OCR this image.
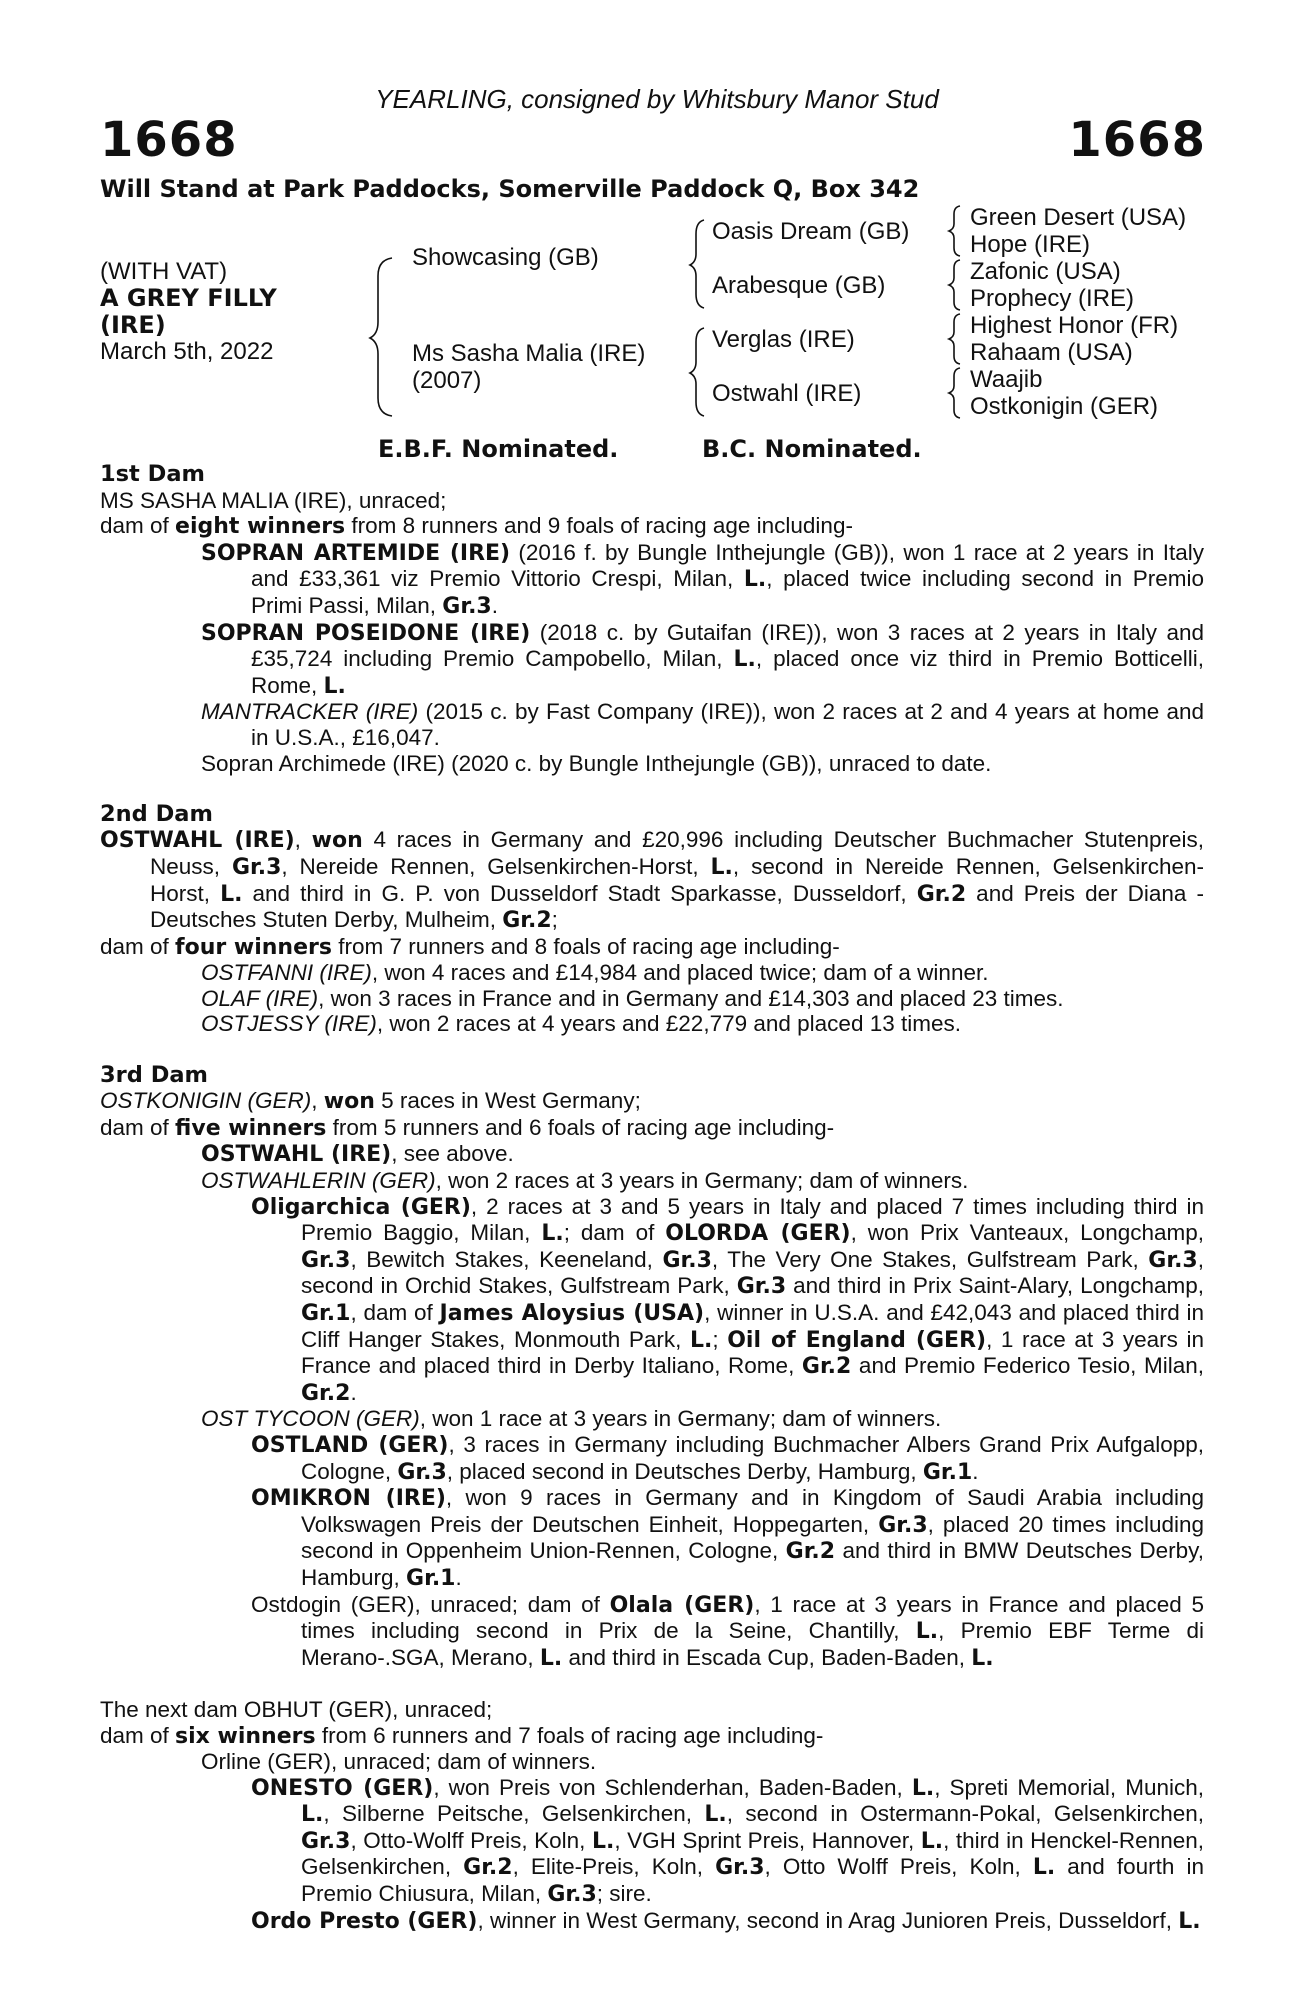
YEARLING, consigned by Whitsbury Manor Stud
1668	1668
Will Stand at Park Paddocks, Somerville Paddock Q, Box 342
(WITH VAT)
A GREY FILLY
(IRE)
March 5th, 2022
Showcasing (GB)
Ms Sasha Malia (IRE)
(2007)
Oasis Dream (GB)
Arabesque (GB)
Verglas (IRE)
Ostwahl (IRE)
Green Desert (USA)
Hope (IRE)
Zafonic (USA)
Prophecy (IRE)
Highest Honor (FR)
Rahaam (USA)
Waajib
Ostkonigin (GER)
E.B.F. Nominated.	B.C. Nominated.

1st Dam

MS SASHA MALIA (IRE), unraced;

dam of eight winners from 8 runners and 9 foals of racing age including-

SOPRAN ARTEMIDE (IRE) (2016 f. by Bungle Inthejungle (GB)), won 1 race at 2 years in Italy and £33,361 viz Premio Vittorio Crespi, Milan, L., placed twice including second in Premio Primi Passi, Milan, Gr.3.

SOPRAN POSEIDONE (IRE) (2018 c. by Gutaifan (IRE)), won 3 races at 2 years in Italy and £35,724 including Premio Campobello, Milan, L., placed once viz third in Premio Botticelli, Rome, L.

MANTRACKER (IRE) (2015 c. by Fast Company (IRE)), won 2 races at 2 and 4 years at home and in U.S.A., £16,047.

Sopran Archimede (IRE) (2020 c. by Bungle Inthejungle (GB)), unraced to date.

2nd Dam

OSTWAHL (IRE), won 4 races in Germany and £20,996 including Deutscher Buchmacher Stutenpreis, Neuss, Gr.3, Nereide Rennen, Gelsenkirchen-Horst, L., second in Nereide Rennen, Gelsenkirchen-Horst, L. and third in G. P. von Dusseldorf Stadt Sparkasse, Dusseldorf, Gr.2 and Preis der Diana - Deutsches Stuten Derby, Mulheim, Gr.2;

dam of four winners from 7 runners and 8 foals of racing age including-

OSTFANNI (IRE), won 4 races and £14,984 and placed twice; dam of a winner.

OLAF (IRE), won 3 races in France and in Germany and £14,303 and placed 23 times.

OSTJESSY (IRE), won 2 races at 4 years and £22,779 and placed 13 times.

3rd Dam

OSTKONIGIN (GER), won 5 races in West Germany;

dam of five winners from 5 runners and 6 foals of racing age including-

OSTWAHL (IRE), see above.

OSTWAHLERIN (GER), won 2 races at 3 years in Germany; dam of winners.

Oligarchica (GER), 2 races at 3 and 5 years in Italy and placed 7 times including third in Premio Baggio, Milan, L.; dam of OLORDA (GER), won Prix Vanteaux, Longchamp, Gr.3, Bewitch Stakes, Keeneland, Gr.3, The Very One Stakes, Gulfstream Park, Gr.3, second in Orchid Stakes, Gulfstream Park, Gr.3 and third in Prix Saint-Alary, Longchamp, Gr.1, dam of James Aloysius (USA), winner in U.S.A. and £42,043 and placed third in Cliff Hanger Stakes, Monmouth Park, L.; Oil of England (GER), 1 race at 3 years in France and placed third in Derby Italiano, Rome, Gr.2 and Premio Federico Tesio, Milan, Gr.2.

OST TYCOON (GER), won 1 race at 3 years in Germany; dam of winners.

OSTLAND (GER), 3 races in Germany including Buchmacher Albers Grand Prix Aufgalopp, Cologne, Gr.3, placed second in Deutsches Derby, Hamburg, Gr.1.

OMIKRON (IRE), won 9 races in Germany and in Kingdom of Saudi Arabia including Volkswagen Preis der Deutschen Einheit, Hoppegarten, Gr.3, placed 20 times including second in Oppenheim Union-Rennen, Cologne, Gr.2 and third in BMW Deutsches Derby, Hamburg, Gr.1.

Ostdogin (GER), unraced; dam of Olala (GER), 1 race at 3 years in France and placed 5 times including second in Prix de la Seine, Chantilly, L., Premio EBF Terme di Merano-.SGA, Merano, L. and third in Escada Cup, Baden-Baden, L.

The next dam OBHUT (GER), unraced;

dam of six winners from 6 runners and 7 foals of racing age including-

Orline (GER), unraced; dam of winners.

ONESTO (GER), won Preis von Schlenderhan, Baden-Baden, L., Spreti Memorial, Munich, L., Silberne Peitsche, Gelsenkirchen, L., second in Ostermann-Pokal, Gelsenkirchen, Gr.3, Otto-Wolff Preis, Koln, L., VGH Sprint Preis, Hannover, L., third in Henckel-Rennen, Gelsenkirchen, Gr.2, Elite-Preis, Koln, Gr.3, Otto Wolff Preis, Koln, L. and fourth in Premio Chiusura, Milan, Gr.3; sire.

Ordo Presto (GER), winner in West Germany, second in Arag Junioren Preis, Dusseldorf, L.
